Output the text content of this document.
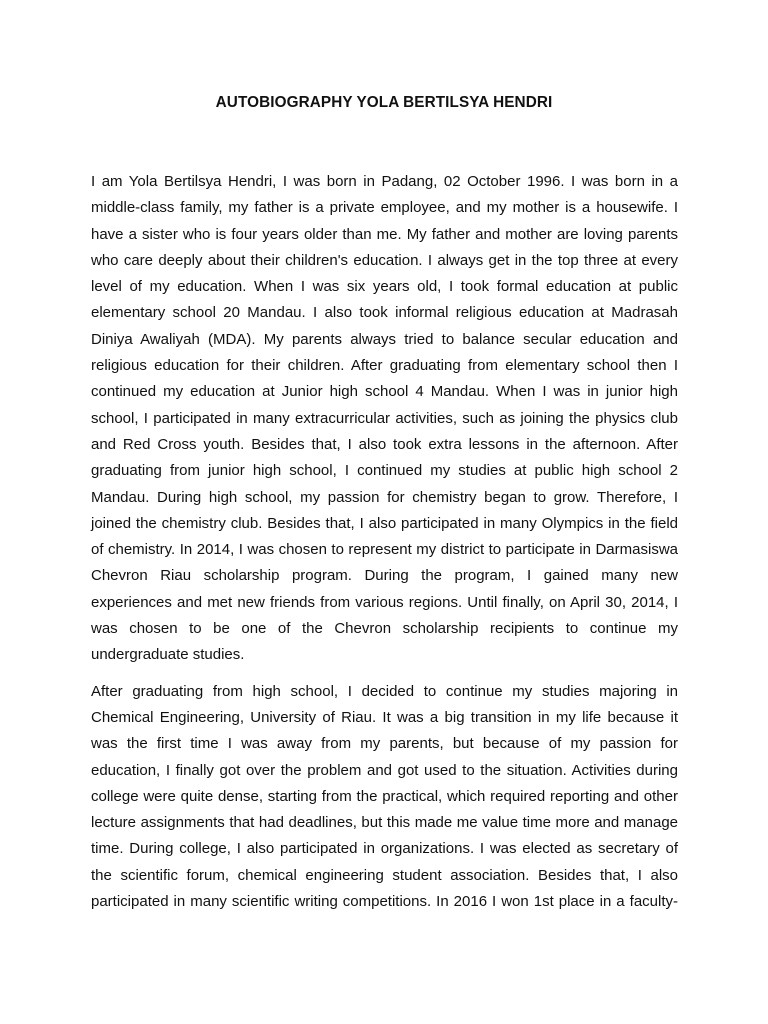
AUTOBIOGRAPHY YOLA BERTILSYA HENDRI

I am Yola Bertilsya Hendri, I was born in Padang, 02 October 1996. I was born in a
middle-class family, my father is a private employee, and my mother is a housewife. I
have a sister who is four years older than me. My father and mother are loving parents
who care deeply about their children's education. I always get in the top three at every
level of my education. When I was six years old, I took formal education at public
elementary school 20 Mandau. I also took informal religious education at Madrasah
Diniya Awaliyah (MDA). My parents always tried to balance secular education and
religious education for their children. After graduating from elementary school then I
continued my education at Junior high school 4 Mandau. When I was in junior high
school, I participated in many extracurricular activities, such as joining the physics club
and Red Cross youth. Besides that, I also took extra lessons in the afternoon. After
graduating from junior high school, I continued my studies at public high school 2
Mandau. During high school, my passion for chemistry began to grow. Therefore, I
joined the chemistry club. Besides that, I also participated in many Olympics in the field
of chemistry. In 2014, I was chosen to represent my district to participate in Darmasiswa
Chevron Riau scholarship program. During the program, I gained many new
experiences and met new friends from various regions. Until finally, on April 30, 2014, I
was chosen to be one of the Chevron scholarship recipients to continue my
undergraduate studies.

After graduating from high school, I decided to continue my studies majoring in
Chemical Engineering, University of Riau. It was a big transition in my life because it
was the first time I was away from my parents, but because of my passion for
education, I finally got over the problem and got used to the situation. Activities during
college were quite dense, starting from the practical, which required reporting and other
lecture assignments that had deadlines, but this made me value time more and manage
time. During college, I also participated in organizations. I was elected as secretary of
the scientific forum, chemical engineering student association. Besides that, I also
participated in many scientific writing competitions. In 2016 I won 1st place in a faculty-
